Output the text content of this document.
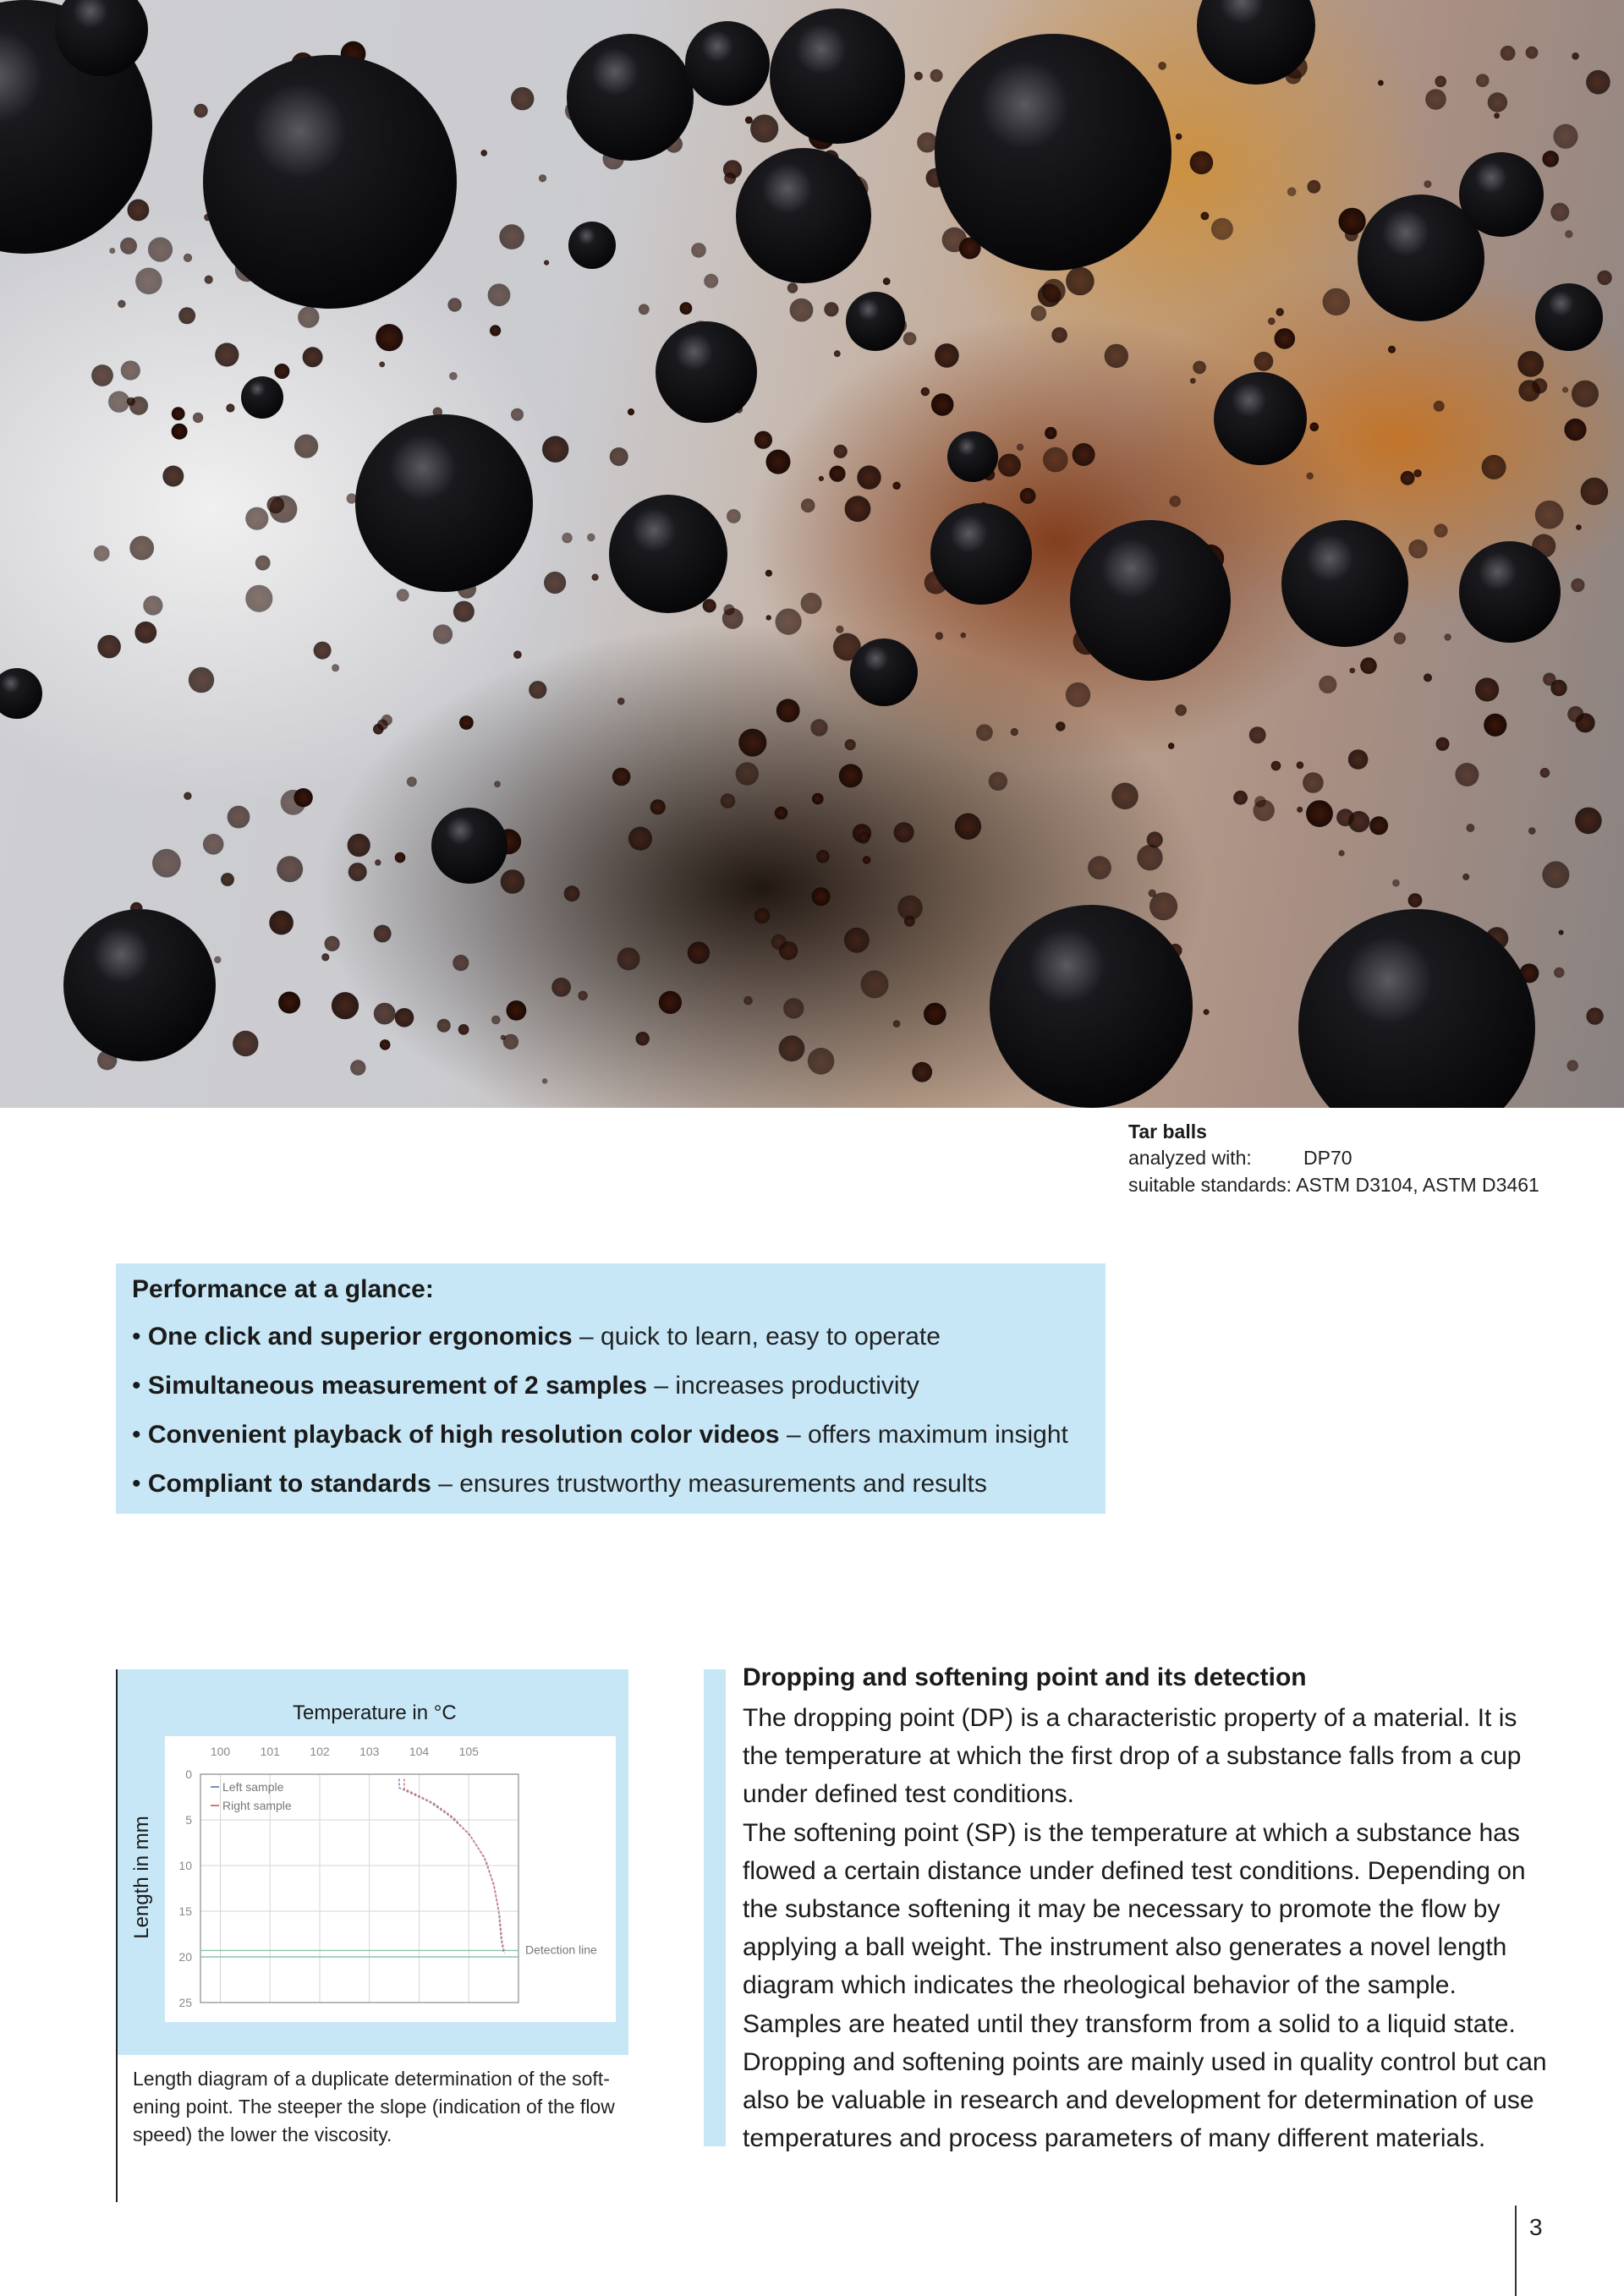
Tar balls
analyzed with:	DP70
suitable standards: ASTM D3104, ASTM D3461
Performance at a glance:
• One click and superior ergonomics – quick to learn, easy to operate
• Simultaneous measurement of 2 samples – increases productivity
• Convenient playback of high resolution color videos – offers maximum insight
• Compliant to standards – ensures trustworthy measurements and results
Temperature in °C
Length in mm
100	101	102	103	104	105
0
5
10
15
20
25
Detection line
Left sample
Right sample
Length diagram of a duplicate determination of the soft-ening point. The steeper the slope (indication of the flow speed) the lower the viscosity.
Dropping and softening point and its detection

The dropping point (DP) is a characteristic property of a material. It is the temperature at which the first drop of a substance falls from a cup under defined test conditions.

The softening point (SP) is the temperature at which a substance has flowed a certain distance under defined test conditions. Depending on the substance softening it may be necessary to promote the flow by applying a ball weight. The instrument also generates a novel length diagram which indicates the rheological behavior of the sample.

Samples are heated until they transform from a solid to a liquid state. Dropping and softening points are mainly used in quality control but can also be valuable in research and development for determination of use temperatures and process parameters of many different materials.

3
